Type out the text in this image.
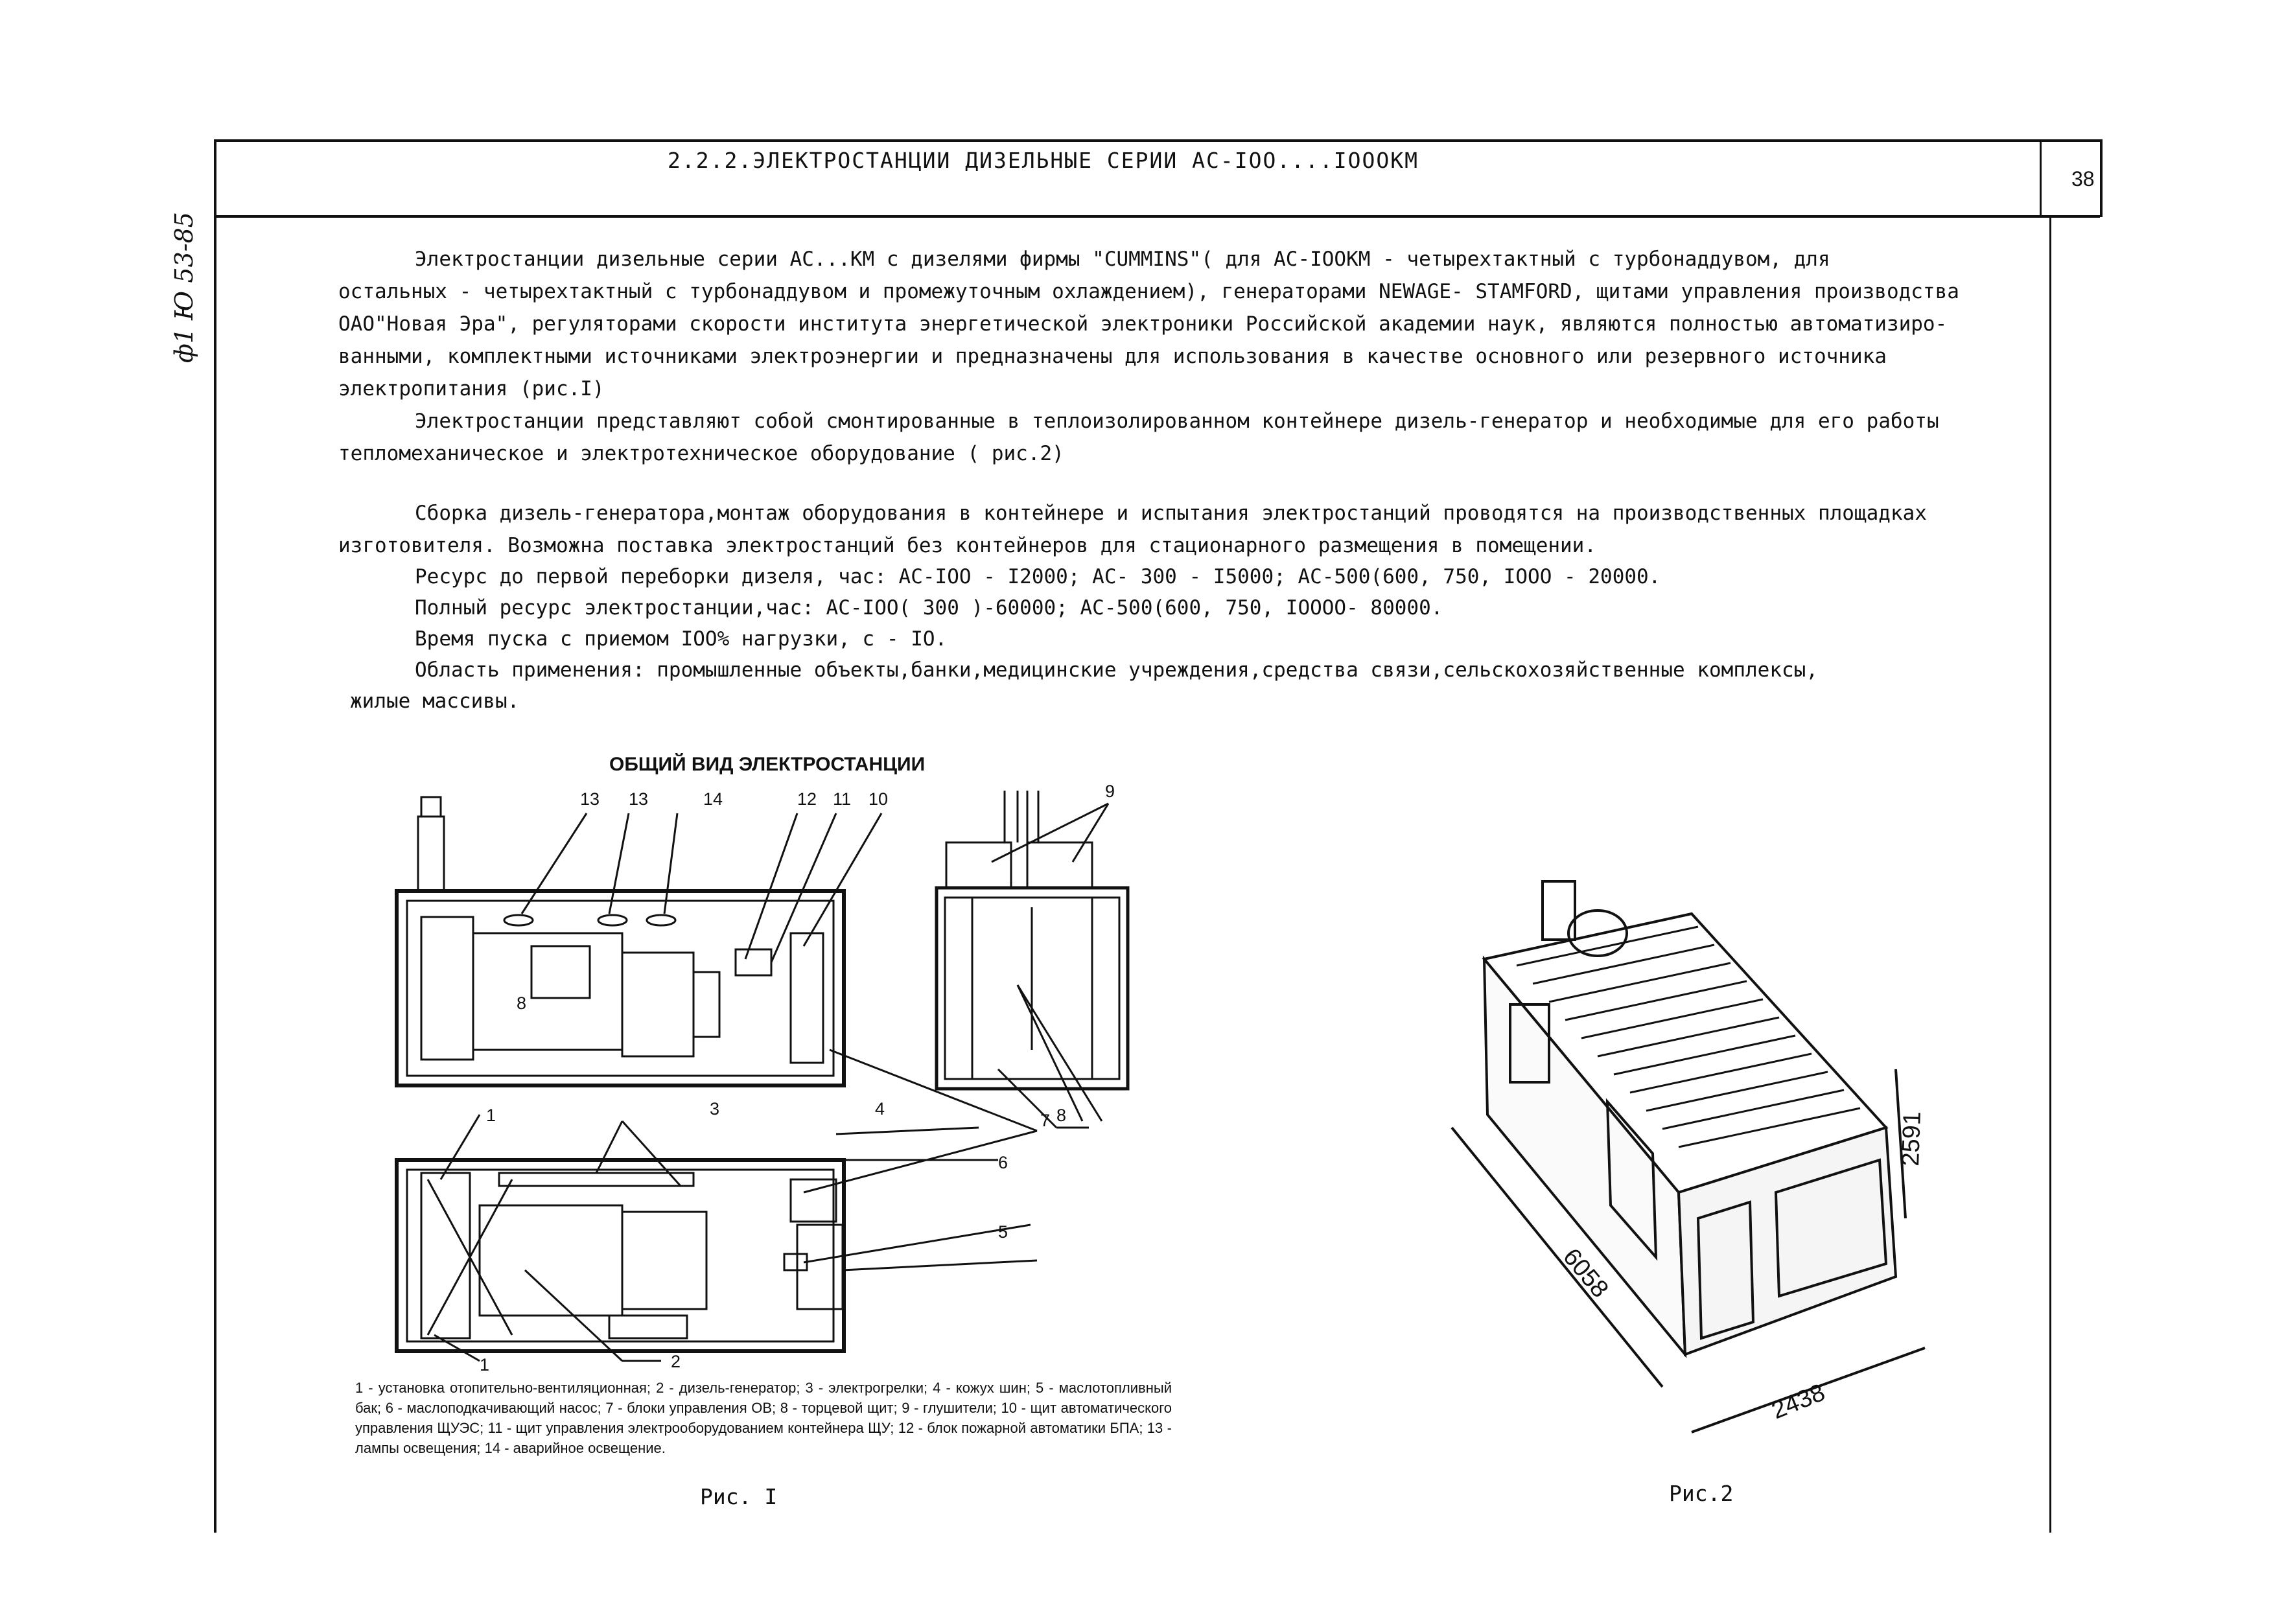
2.2.2.ЭЛЕКТРОСТАНЦИИ ДИЗЕЛЬНЫЕ СЕРИИ АС-IOO....IOOOКМ
38
ф1 Ю 53-85	Электростанции дизельные серии АС...КМ с дизелями фирмы "CUMMINS"( для АС-IOOКМ - четырехтактный с турбонаддувом, для
остальных - четырехтактный с турбонаддувом и промежуточным охлаждением), генераторами NEWAGE- STAMFORD, щитами управления производства
ОАО"Новая Эра", регуляторами скорости института энергетической электроники Российской академии наук, являются полностью автоматизиро-
ванными, комплектными источниками электроэнергии и предназначены для использования в качестве основного или резервного источника
электропитания (рис.I)
Электростанции представляют собой смонтированные в теплоизолированном контейнере дизель-генератор и необходимые для его работы
тепломеханическое и электротехническое оборудование ( рис.2)
Сборка дизель-генератора,монтаж оборудования в контейнере и испытания электростанций проводятся на производственных площадках
изготовителя. Возможна поставка электростанций без контейнеров для стационарного размещения в помещении.
Ресурс до первой переборки дизеля, час: АС-IOO - I2000; АС- 300 - I5000; АС-500(600, 750, IOOO - 20000.
Полный ресурс электростанции,час: АС-IOO( 300 )-60000; АС-500(600, 750, IOOOO- 80000.
Время пуска с приемом IOO% нагрузки, с - IO.
Область применения: промышленные объекты,банки,медицинские учреждения,средства связи,сельскохозяйственные комплексы,
жилые массивы.
ОБЩИЙ ВИД ЭЛЕКТРОСТАНЦИИ
13 13	14	12 11 10	9
8
8
7
4
3
6
5
1
1	2
1 - установка отопительно-вентиляционная; 2 - дизель-генератор; 3 - электрогрелки; 4 - кожух шин; 5 - маслотопливный бак; 6 - маслоподкачивающий насос; 7 - блоки управления ОВ; 8 - торцевой щит; 9 - глушители; 10 - щит автоматического управления ЩУЭС; 11 - щит управления электрооборудованием контейнера ЩУ; 12 - блок пожарной автоматики БПА; 13 - лампы освещения; 14 - аварийное освещение.
Рис. I
2591
6058
2438
Рис.2
